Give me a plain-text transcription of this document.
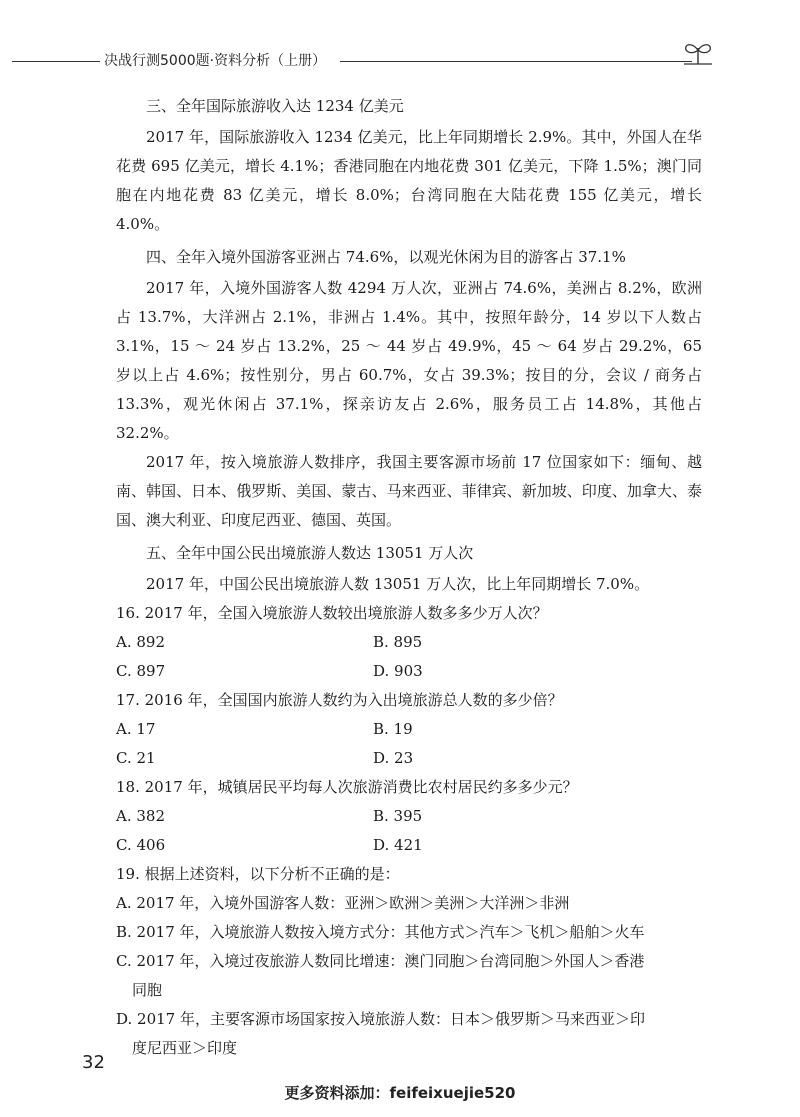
决战行测5000题·资料分析（上册）

三、全年国际旅游收入达 1234 亿美元

2017 年，国际旅游收入 1234 亿美元，比上年同期增长 2.9%。其中，外国人在华花费 695 亿美元，增长 4.1%；香港同胞在内地花费 301 亿美元，下降 1.5%；澳门同胞在内地花费 83 亿美元，增长 8.0%；台湾同胞在大陆花费 155 亿美元，增长 4.0%。

四、全年入境外国游客亚洲占 74.6%，以观光休闲为目的游客占 37.1%

2017 年，入境外国游客人数 4294 万人次，亚洲占 74.6%，美洲占 8.2%，欧洲占 13.7%，大洋洲占 2.1%，非洲占 1.4%。其中，按照年龄分，14 岁以下人数占 3.1%，15 ～ 24 岁占 13.2%，25 ～ 44 岁占 49.9%，45 ～ 64 岁占 29.2%，65 岁以上占 4.6%；按性别分，男占 60.7%，女占 39.3%；按目的分，会议 / 商务占 13.3%，观光休闲占 37.1%，探亲访友占 2.6%，服务员工占 14.8%，其他占 32.2%。

2017 年，按入境旅游人数排序，我国主要客源市场前 17 位国家如下：缅甸、越南、韩国、日本、俄罗斯、美国、蒙古、马来西亚、菲律宾、新加坡、印度、加拿大、泰国、澳大利亚、印度尼西亚、德国、英国。

五、全年中国公民出境旅游人数达 13051 万人次

2017 年，中国公民出境旅游人数 13051 万人次，比上年同期增长 7.0%。

16. 2017 年，全国入境旅游人数较出境旅游人数多多少万人次？

A. 892	B. 895
C. 897	D. 903

17. 2016 年，全国国内旅游人数约为入出境旅游总人数的多少倍？

A. 17	B. 19
C. 21	D. 23

18. 2017 年，城镇居民平均每人次旅游消费比农村居民约多多少元？

A. 382	B. 395
C. 406	D. 421

19. 根据上述资料，以下分析不正确的是：

A. 2017 年，入境外国游客人数：亚洲＞欧洲＞美洲＞大洋洲＞非洲

B. 2017 年，入境旅游人数按入境方式分：其他方式＞汽车＞飞机＞船舶＞火车

C. 2017 年，入境过夜旅游人数同比增速：澳门同胞＞台湾同胞＞外国人＞香港
同胞

D. 2017 年，主要客源市场国家按入境旅游人数：日本＞俄罗斯＞马来西亚＞印
度尼西亚＞印度

32
更多资料添加：feifeixuejie520
